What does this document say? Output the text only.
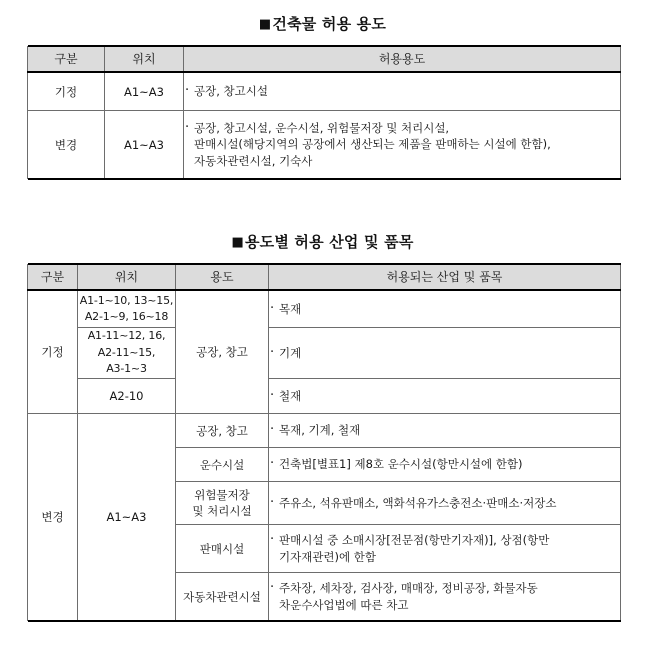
■건축물 허용 용도
구분	위치	허용용도
기정	A1~A3	· 공장, 창고시설

변경	A1~A3	· 공장, 창고시설, 운수시설, 위험물저장 및 처리시설,
판매시설(해당지역의 공장에서 생산되는 제품을 판매하는 시설에 한함),
자동차관련시설, 기숙사

■용도별 허용 산업 및 품목
구분	위치	용도	허용되는 산업 및 품목
기정	A1-1~10, 13~15,
A2-1~9, 16~18	공장, 창고	· 목재

	A1-11~12, 16,
A2-11~15,
A3-1~3		· 기계

	A2-10		· 철재

변경	A1~A3	공장, 창고	· 목재, 기계, 철재

		운수시설	· 건축법[별표1] 제8호 운수시설(항만시설에 한함)

		위험물저장
및 처리시설	· 주유소, 석유판매소, 액화석유가스충전소·판매소·저장소

		판매시설	· 판매시설 중 소매시장[전문점(항만기자재)], 상점(항만
기자재관련)에 한함

		자동차관련시설	· 주차장, 세차장, 검사장, 매매장, 정비공장, 화물자동
차운수사업법에 따른 차고
